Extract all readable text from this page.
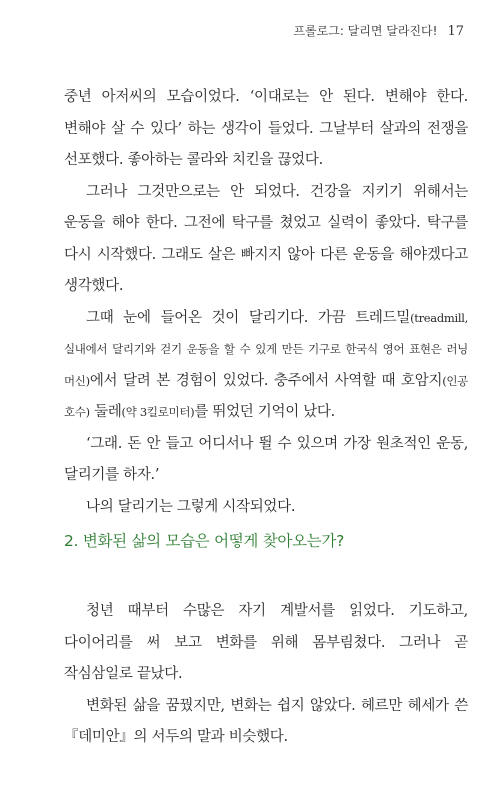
프롤로그: 달리면 달라진다! 17

중년 아저씨의 모습이었다. ‘이대로는 안 된다. 변해야 한다. 변해야 살 수 있다’ 하는 생각이 들었다. 그날부터 살과의 전쟁을 선포했다. 좋아하는 콜라와 치킨을 끊었다.

그러나 그것만으로는 안 되었다. 건강을 지키기 위해서는 운동을 해야 한다. 그전에 탁구를 쳤었고 실력이 좋았다. 탁구를 다시 시작했다. 그래도 살은 빠지지 않아 다른 운동을 해야겠다고 생각했다.

그때 눈에 들어온 것이 달리기다. 가끔 트레드밀(treadmill, 실내에서 달리기와 걷기 운동을 할 수 있게 만든 기구로 한국식 영어 표현은 러닝 머신)에서 달려 본 경험이 있었다. 충주에서 사역할 때 호암지(인공 호수) 둘레(약 3킬로미터)를 뛰었던 기억이 났다.

‘그래. 돈 안 들고 어디서나 뛸 수 있으며 가장 원초적인 운동, 달리기를 하자.’

나의 달리기는 그렇게 시작되었다.

2. 변화된 삶의 모습은 어떻게 찾아오는가?

청년 때부터 수많은 자기 계발서를 읽었다. 기도하고, 다이어리를 써 보고 변화를 위해 몸부림쳤다. 그러나 곧 작심삼일로 끝났다.

변화된 삶을 꿈꿨지만, 변화는 쉽지 않았다. 헤르만 헤세가 쓴 『데미안』의 서두의 말과 비슷했다.
